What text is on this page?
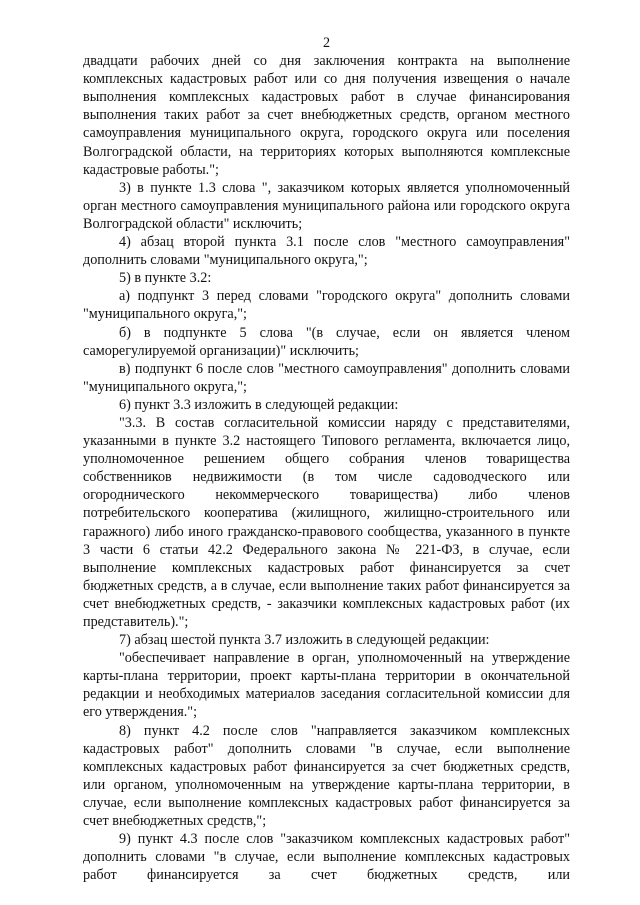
2

двадцати рабочих дней со дня заключения контракта на выполнение комплексных кадастровых работ или со дня получения извещения о начале выполнения комплексных кадастровых работ в случае финансирования выполнения таких работ за счет внебюджетных средств, органом местного самоуправления муниципального округа, городского округа или поселения Волгоградской области, на территориях которых выполняются комплексные кадастровые работы.";

3) в пункте 1.3 слова ", заказчиком которых является уполномоченный орган местного самоуправления муниципального района или городского округа Волгоградской области" исключить;

4) абзац второй пункта 3.1 после слов "местного самоуправления" дополнить словами "муниципального округа,";

5) в пункте 3.2:

а) подпункт 3 перед словами "городского округа" дополнить словами "муниципального округа,";

б) в подпункте 5 слова "(в случае, если он является членом саморегулируемой организации)" исключить;

в) подпункт 6 после слов "местного самоуправления" дополнить словами "муниципального округа,";

6) пункт 3.3 изложить в следующей редакции:

"3.3. В состав согласительной комиссии наряду с представителями, указанными в пункте 3.2 настоящего Типового регламента, включается лицо, уполномоченное решением общего собрания членов товарищества собственников недвижимости (в том числе садоводческого или огороднического некоммерческого товарищества) либо членов потребительского кооператива (жилищного, жилищно-строительного или гаражного) либо иного гражданско-правового сообщества, указанного в пункте 3 части 6 статьи 42.2 Федерального закона № 221-ФЗ, в случае, если выполнение комплексных кадастровых работ финансируется за счет бюджетных средств, а в случае, если выполнение таких работ финансируется за счет внебюджетных средств, - заказчики комплексных кадастровых работ (их представитель).";

7) абзац шестой пункта 3.7 изложить в следующей редакции:

"обеспечивает направление в орган, уполномоченный на утверждение карты-плана территории, проект карты-плана территории в окончательной редакции и необходимых материалов заседания согласительной комиссии для его утверждения.";

8) пункт 4.2 после слов "направляется заказчиком комплексных кадастровых работ" дополнить словами "в случае, если выполнение комплексных кадастровых работ финансируется за счет бюджетных средств, или органом, уполномоченным на утверждение карты-плана территории, в случае, если выполнение комплексных кадастровых работ финансируется за счет внебюджетных средств,";

9) пункт 4.3 после слов "заказчиком комплексных кадастровых работ" дополнить словами "в случае, если выполнение комплексных кадастровых работ финансируется за счет бюджетных средств, или
